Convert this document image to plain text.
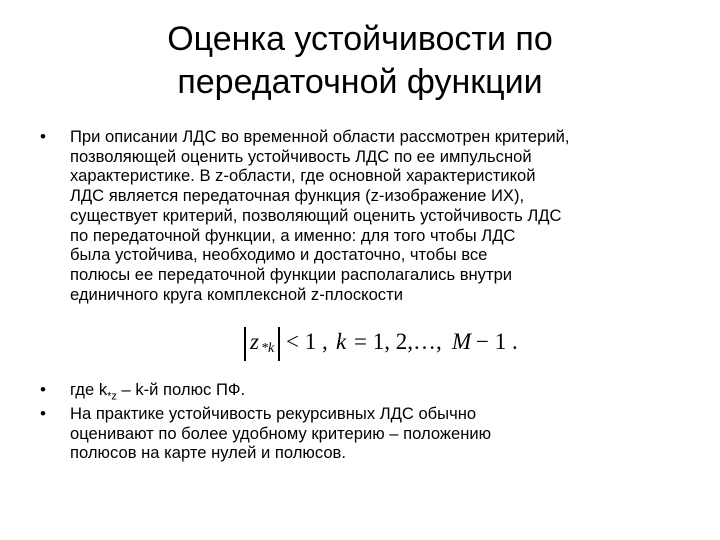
Оценка устойчивости по
передаточной функции
• При описании ЛДС во временной области рассмотрен критерий,
позволяющей оценить устойчивость ЛДС по ее импульсной
характеристике. В z-области, где основной характеристикой
ЛДС является передаточная функция (z-изображение ИХ),
существует критерий, позволяющий оценить устойчивость ЛДС
по передаточной функции, а именно: для того чтобы ЛДС
была устойчива, необходимо и достаточно, чтобы все
полюсы ее передаточной функции располагались внутри
единичного круга комплексной z-плоскости
z *k < 1 , k = 1, 2,…, M − 1 .
• где $k_{*z} - k-й$ полюс ПФ.
• На практике устойчивость рекурсивных ЛДС обычно
оценивают по более удобному критерию – положению
полюсов на карте нулей и полюсов.
